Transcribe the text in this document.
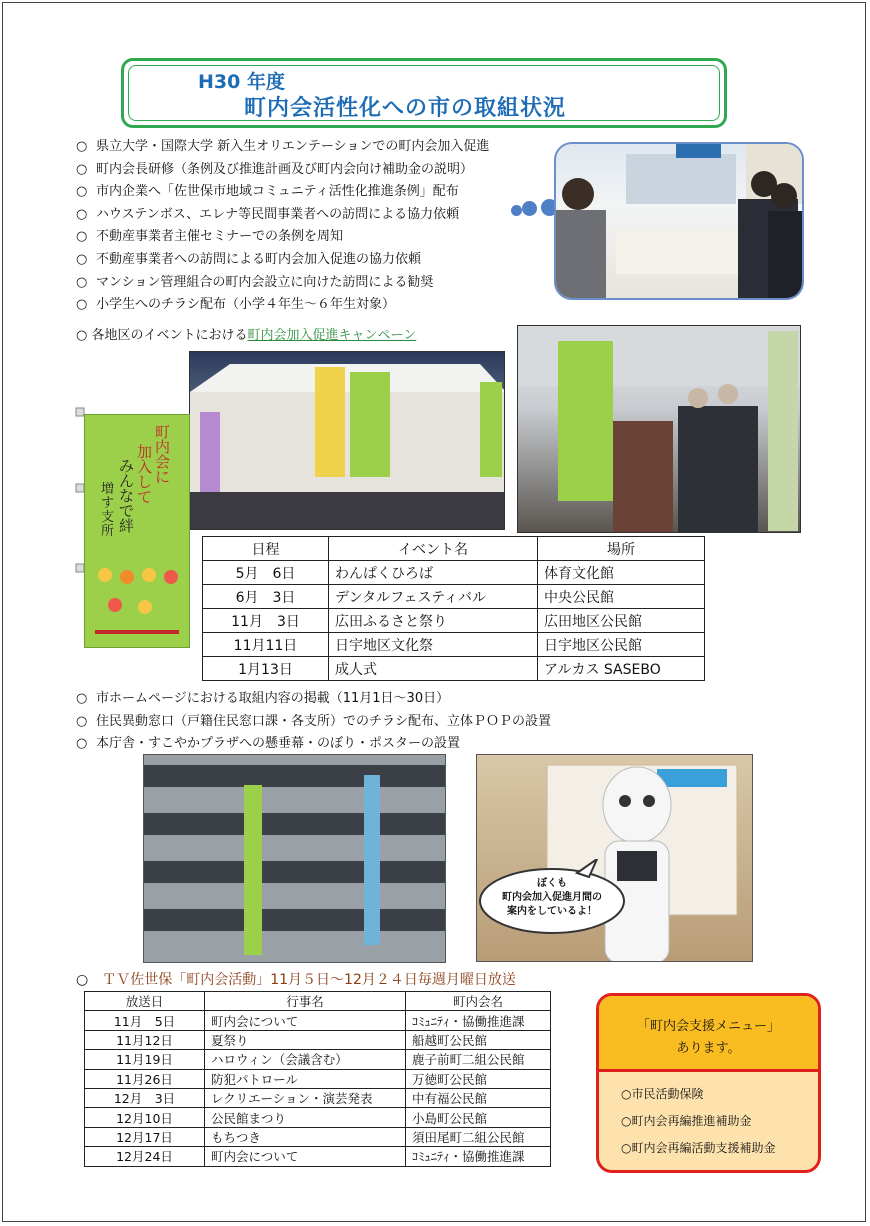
H30 年度
町内会活性化への市の取組状況
○ 県立大学・国際大学 新入生オリエンテーションでの町内会加入促進
○ 町内会長研修（条例及び推進計画及び町内会向け補助金の説明）
○ 市内企業へ「佐世保市地域コミュニティ活性化推進条例」配布
○ ハウステンボス、エレナ等民間事業者への訪問による協力依頼
○ 不動産事業者主催セミナーでの条例を周知
○ 不動産事業者への訪問による町内会加入促進の協力依頼
○ マンション管理組合の町内会設立に向けた訪問による勧奨
○ 小学生へのチラシ配布（小学４年生～６年生対象）
○ 各地区のイベントにおける町内会加入促進キャンペーン
町内会に
加入して
みんなで絆
増す支所
日程	イベント名	場所
5月　6日	わんぱくひろば	体育文化館
6月　3日	デンタルフェスティバル	中央公民館
11月　3日	広田ふるさと祭り	広田地区公民館
11月11日	日宇地区文化祭	日宇地区公民館
1月13日	成人式	アルカス SASEBO
○ 市ホームページにおける取組内容の掲載（11月1日～30日）
○ 住民異動窓口（戸籍住民窓口課・各支所）でのチラシ配布、立体ＰＯＰの設置
○ 本庁舎・すこやかプラザへの懸垂幕・のぼり・ポスターの設置
ぼくも
町内会加入促進月間の
案内をしているよ！
○　 ＴＶ佐世保「町内会活動」11月５日～12月２４日毎週月曜日放送
放送日	行事名	町内会名
11月　5日	町内会について	ｺﾐｭﾆﾃｨ・協働推進課
11月12日	夏祭り	船越町公民館
11月19日	ハロウィン（会議含む）	鹿子前町二組公民館
11月26日	防犯パトロール	万徳町公民館
12月　3日	レクリエーション・演芸発表	中有福公民館
12月10日	公民館まつり	小島町公民館
12月17日	もちつき	須田尾町二組公民館
12月24日	町内会について	ｺﾐｭﾆﾃｨ・協働推進課
「町内会支援メニュー」
あります。
○市民活動保険
○町内会再編推進補助金
○町内会再編活動支援補助金
